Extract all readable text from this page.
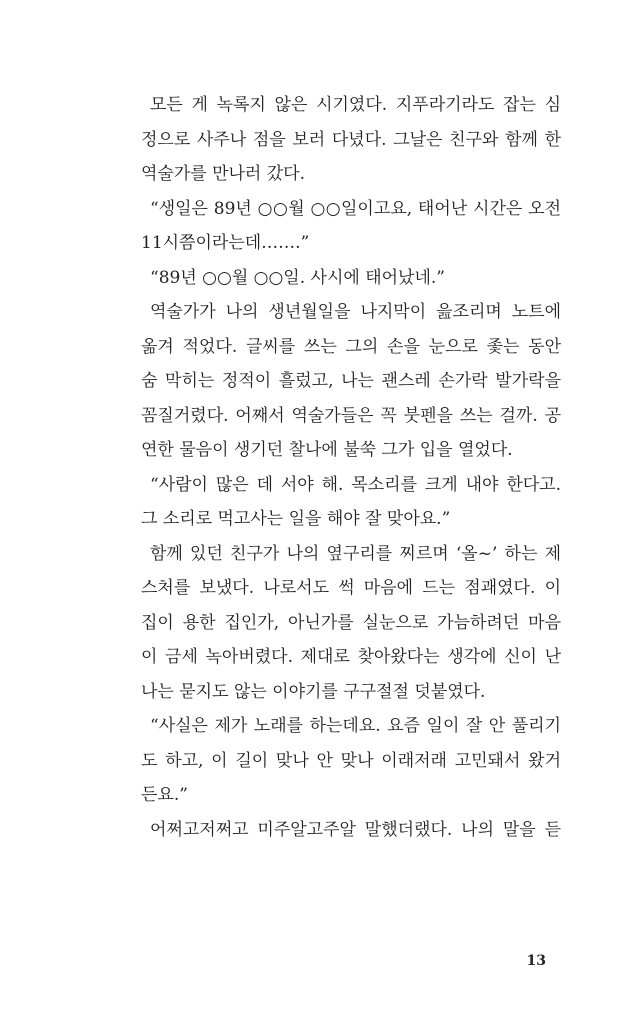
모든 게 녹록지 않은 시기였다. 지푸라기라도 잡는 심
정으로 사주나 점을 보러 다녔다. 그날은 친구와 함께 한
역술가를 만나러 갔다.
“생일은 89년 ○○월 ○○일이고요, 태어난 시간은 오전
11시쯤이라는데…….”
“89년 ○○월 ○○일. 사시에 태어났네.”
역술가가 나의 생년월일을 나지막이 읊조리며 노트에
옮겨 적었다. 글씨를 쓰는 그의 손을 눈으로 좇는 동안
숨 막히는 정적이 흘렀고, 나는 괜스레 손가락 발가락을
꼼질거렸다. 어째서 역술가들은 꼭 붓펜을 쓰는 걸까. 공
연한 물음이 생기던 찰나에 불쑥 그가 입을 열었다.
“사람이 많은 데 서야 해. 목소리를 크게 내야 한다고.
그 소리로 먹고사는 일을 해야 잘 맞아요.”
함께 있던 친구가 나의 옆구리를 찌르며 ‘올~’ 하는 제
스처를 보냈다. 나로서도 썩 마음에 드는 점괘였다. 이
집이 용한 집인가, 아닌가를 실눈으로 가늠하려던 마음
이 금세 녹아버렸다. 제대로 찾아왔다는 생각에 신이 난
나는 묻지도 않는 이야기를 구구절절 덧붙였다.
“사실은 제가 노래를 하는데요. 요즘 일이 잘 안 풀리기
도 하고, 이 길이 맞나 안 맞나 이래저래 고민돼서 왔거
든요.”
어쩌고저쩌고 미주알고주알 말했더랬다. 나의 말을 듣
13
